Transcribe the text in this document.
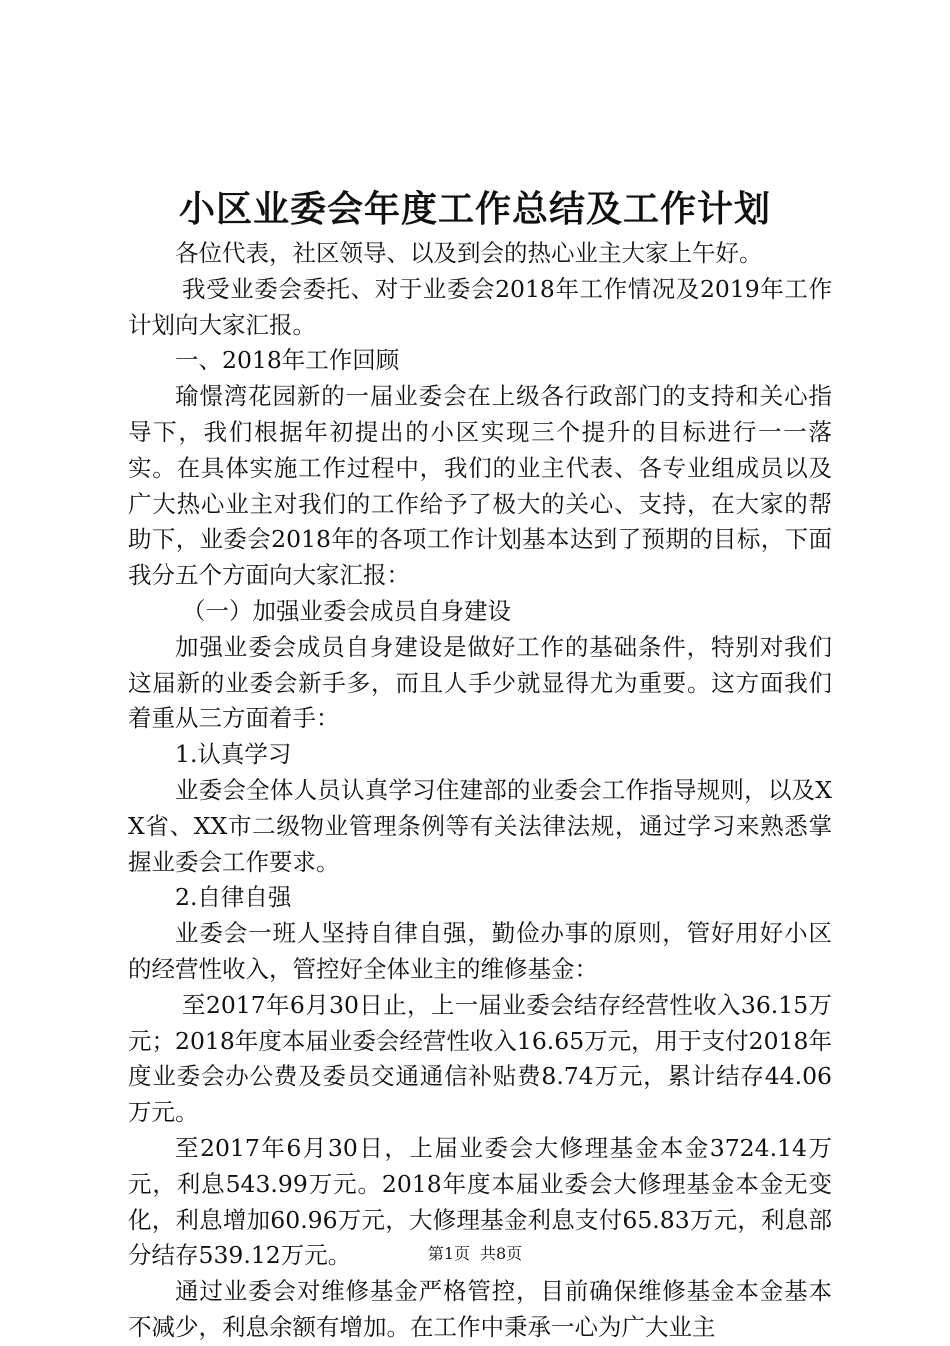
小区业委会年度工作总结及工作计划

各位代表，社区领导、以及到会的热心业主大家上午好。

我受业委会委托、对于业委会2018年工作情况及2019年工作计划向大家汇报。

一、2018年工作回顾

瑜憬湾花园新的一届业委会在上级各行政部门的支持和关心指导下，我们根据年初提出的小区实现三个提升的目标进行一一落实。在具体实施工作过程中，我们的业主代表、各专业组成员以及广大热心业主对我们的工作给予了极大的关心、支持，在大家的帮助下，业委会2018年的各项工作计划基本达到了预期的目标，下面我分五个方面向大家汇报：

（一）加强业委会成员自身建设

加强业委会成员自身建设是做好工作的基础条件，特别对我们这届新的业委会新手多，而且人手少就显得尤为重要。这方面我们着重从三方面着手：

1.认真学习

业委会全体人员认真学习住建部的业委会工作指导规则，以及XX省、XX市二级物业管理条例等有关法律法规，通过学习来熟悉掌握业委会工作要求。

2.自律自强

业委会一班人坚持自律自强，勤俭办事的原则，管好用好小区的经营性收入，管控好全体业主的维修基金：

至2017年6月30日止，上一届业委会结存经营性收入36.15万元；2018年度本届业委会经营性收入16.65万元，用于支付2018年度业委会办公费及委员交通通信补贴费8.74万元，累计结存44.06万元。

至2017年6月30日，上届业委会大修理基金本金3724.14万元，利息543.99万元。2018年度本届业委会大修理基金本金无变化，利息增加60.96万元，大修理基金利息支付65.83万元，利息部分结存539.12万元。

通过业委会对维修基金严格管控，目前确保维修基金本金基本不减少，利息余额有增加。在工作中秉承一心为广大业主

第1页 共8页
